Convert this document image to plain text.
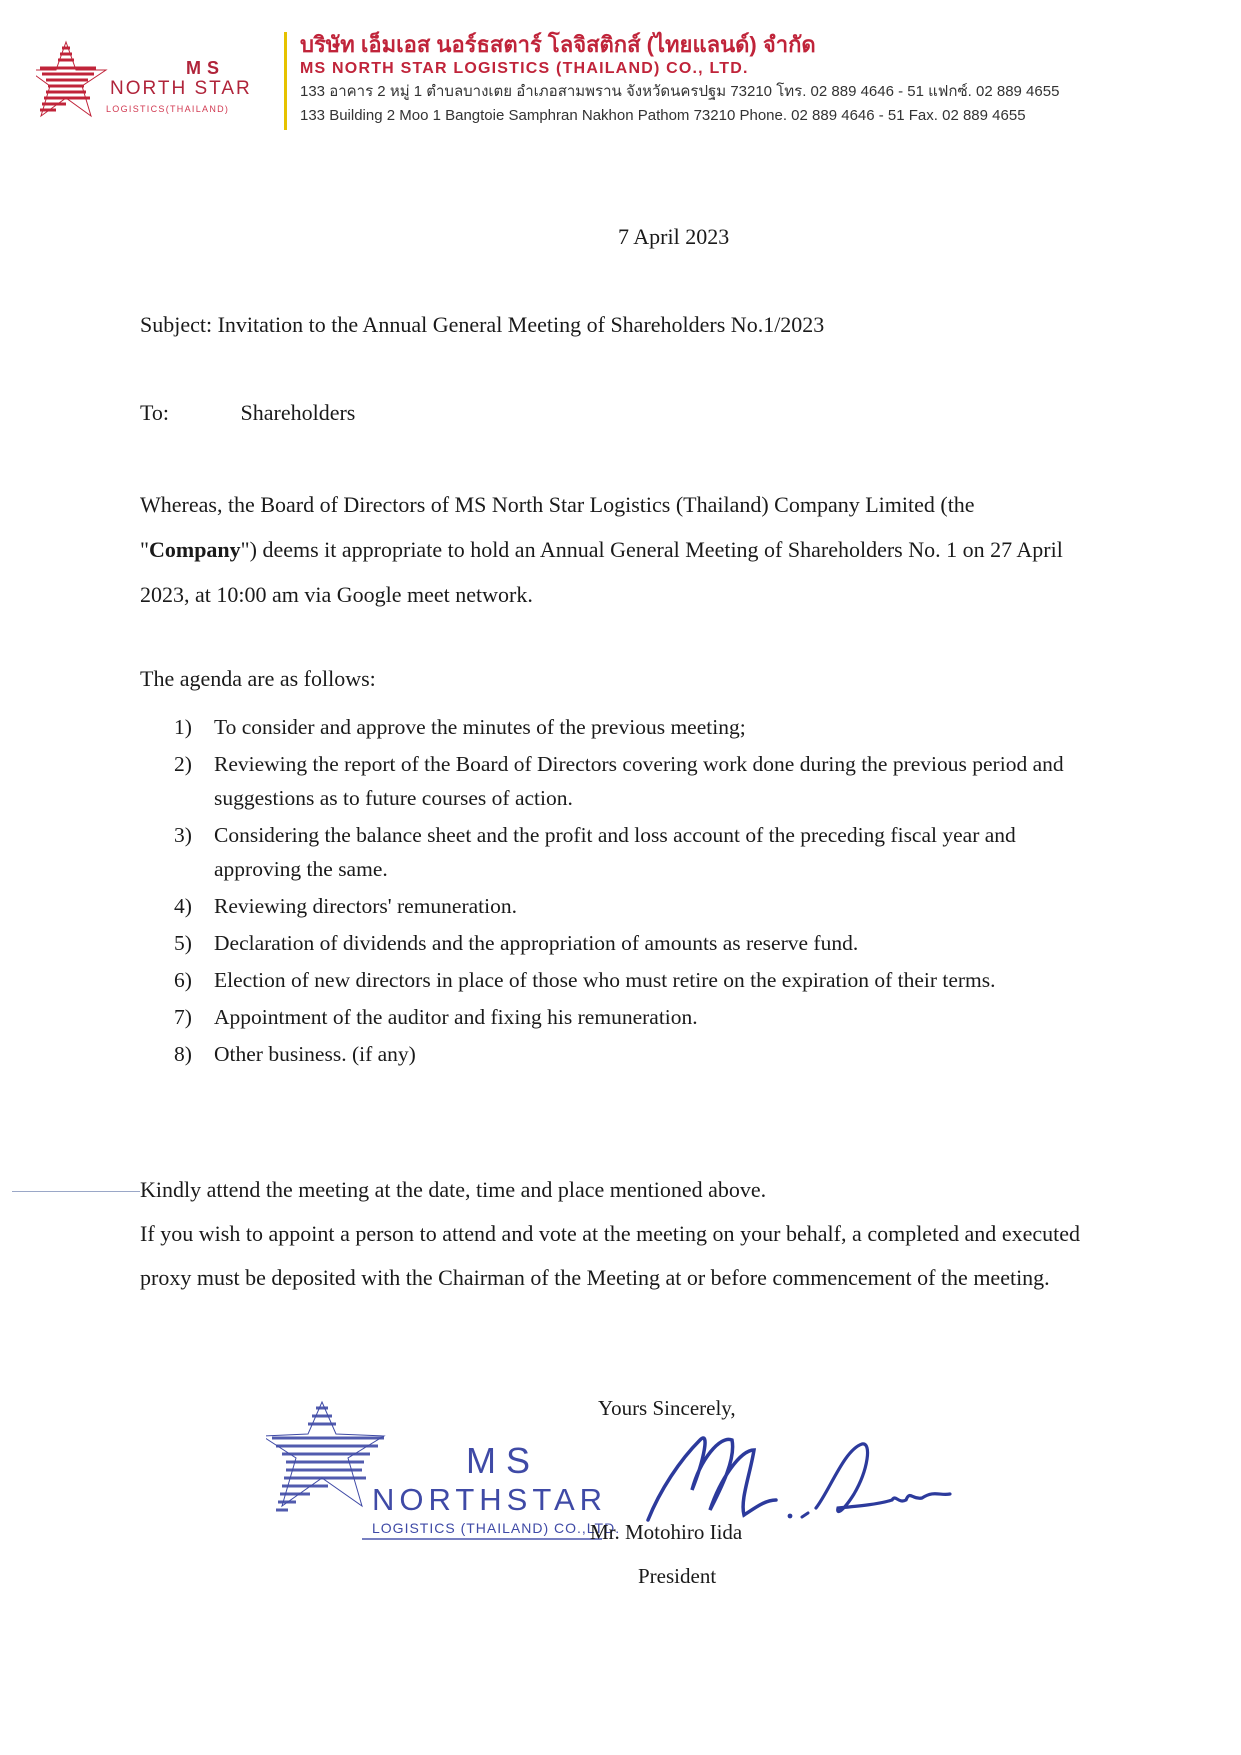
MS
NORTH STAR
LOGISTICS(THAILAND)
บริษัท เอ็มเอส นอร์ธสตาร์ โลจิสติกส์ (ไทยแลนด์) จำกัด
MS NORTH STAR LOGISTICS (THAILAND) CO., LTD.
133 อาคาร 2 หมู่ 1 ตำบลบางเตย อำเภอสามพราน จังหวัดนครปฐม 73210 โทร. 02 889 4646 - 51 แฟกซ์. 02 889 4655
133 Building 2 Moo 1 Bangtoie Samphran Nakhon Pathom 73210 Phone. 02 889 4646 - 51 Fax. 02 889 4655
7 April 2023
Subject: Invitation to the Annual General Meeting of Shareholders No.1/2023
To:	Shareholders
Whereas, the Board of Directors of MS North Star Logistics (Thailand) Company Limited (the "Company") deems it appropriate to hold an Annual General Meeting of Shareholders No. 1 on 27 April 2023, at 10:00 am via Google meet network.
The agenda are as follows:
1)	To consider and approve the minutes of the previous meeting;
2)	Reviewing the report of the Board of Directors covering work done during the previous period and suggestions as to future courses of action.
3)	Considering the balance sheet and the profit and loss account of the preceding fiscal year and approving the same.
4)	Reviewing directors' remuneration.
5)	Declaration of dividends and the appropriation of amounts as reserve fund.
6)	Election of new directors in place of those who must retire on the expiration of their terms.
7)	Appointment of the auditor and fixing his remuneration.
8)	Other business. (if any)
Kindly attend the meeting at the date, time and place mentioned above.
If you wish to appoint a person to attend and vote at the meeting on your behalf, a completed and executed proxy must be deposited with the Chairman of the Meeting at or before commencement of the meeting.
Yours Sincerely,
MS
NORTHSTAR
LOGISTICS (THAILAND) CO.,LTD.
Mr. Motohiro Iida
President
